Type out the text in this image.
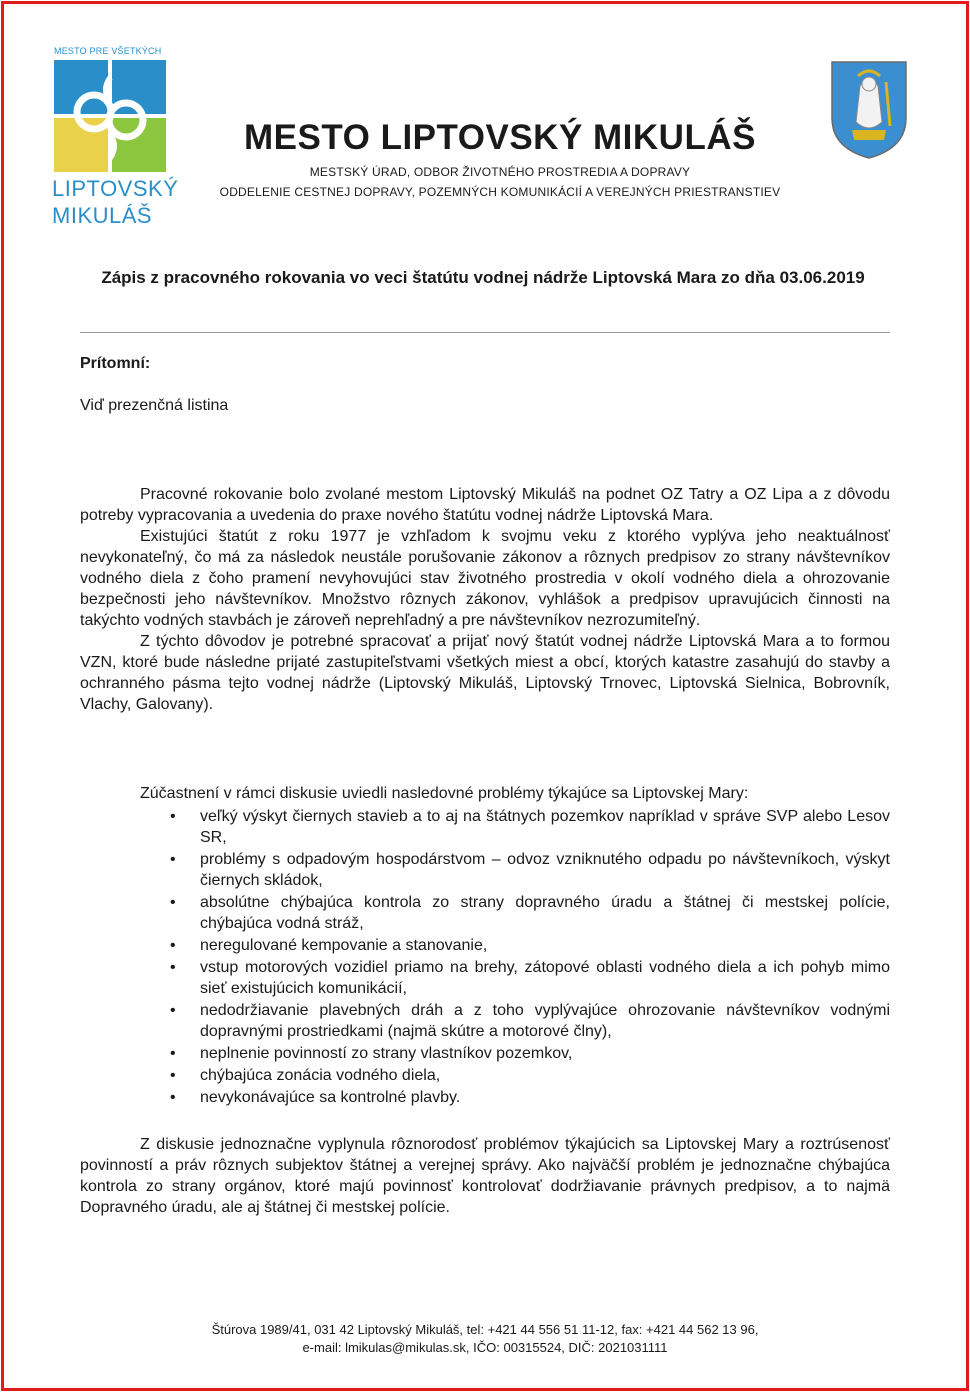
MESTO PRE VŠETKÝCH
LIPTOVSKÝ
MIKULÁŠ
MESTO LIPTOVSKÝ MIKULÁŠ
MESTSKÝ ÚRAD, ODBOR ŽIVOTNÉHO PROSTREDIA A DOPRAVY
ODDELENIE CESTNEJ DOPRAVY, POZEMNÝCH KOMUNIKÁCIÍ A VEREJNÝCH PRIESTRANSTIEV
Zápis z pracovného rokovania vo veci štatútu vodnej nádrže Liptovská Mara zo dňa 03.06.2019
Prítomní:
Viď prezenčná listina

Pracovné rokovanie bolo zvolané mestom Liptovský Mikuláš na podnet OZ Tatry a OZ Lipa a z dôvodu potreby vypracovania a uvedenia do praxe nového štatútu vodnej nádrže Liptovská Mara.

Existujúci štatút z roku 1977 je vzhľadom k svojmu veku z ktorého vyplýva jeho neaktuálnosť nevykonateľný, čo má za následok neustále porušovanie zákonov a rôznych predpisov zo strany návštevníkov vodného diela z čoho pramení nevyhovujúci stav životného prostredia v okolí vodného diela a ohrozovanie bezpečnosti jeho návštevníkov. Množstvo rôznych zákonov, vyhlášok a predpisov upravujúcich činnosti na takýchto vodných stavbách je zároveň neprehľadný a pre návštevníkov nezrozumiteľný.

Z týchto dôvodov je potrebné spracovať a prijať nový štatút vodnej nádrže Liptovská Mara a to formou VZN, ktoré bude následne prijaté zastupiteľstvami všetkých miest a obcí, ktorých katastre zasahujú do stavby a ochranného pásma tejto vodnej nádrže (Liptovský Mikuláš, Liptovský Trnovec, Liptovská Sielnica, Bobrovník, Vlachy, Galovany).

Zúčastnení v rámci diskusie uviedli nasledovné problémy týkajúce sa Liptovskej Mary:
• veľký výskyt čiernych stavieb a to aj na štátnych pozemkov napríklad v správe SVP alebo Lesov SR,
• problémy s odpadovým hospodárstvom – odvoz vzniknutého odpadu po návštevníkoch, výskyt čiernych skládok,
• absolútne chýbajúca kontrola zo strany dopravného úradu a štátnej či mestskej polície, chýbajúca vodná stráž,
• neregulované kempovanie a stanovanie,
• vstup motorových vozidiel priamo na brehy, zátopové oblasti vodného diela a ich pohyb mimo sieť existujúcich komunikácií,
• nedodržiavanie plavebných dráh a z toho vyplývajúce ohrozovanie návštevníkov vodnými dopravnými prostriedkami (najmä skútre a motorové člny),
• neplnenie povinností zo strany vlastníkov pozemkov,
• chýbajúca zonácia vodného diela,
• nevykonávajúce sa kontrolné plavby.

Z diskusie jednoznačne vyplynula rôznorodosť problémov týkajúcich sa Liptovskej Mary a roztrúsenosť povinností a práv rôznych subjektov štátnej a verejnej správy. Ako najväčší problém je jednoznačne chýbajúca kontrola zo strany orgánov, ktoré majú povinnosť kontrolovať dodržiavanie právnych predpisov, a to najmä Dopravného úradu, ale aj štátnej či mestskej polície.

Štúrova 1989/41, 031 42 Liptovský Mikuláš, tel: +421 44 556 51 11-12, fax: +421 44 562 13 96,
e-mail: lmikulas@mikulas.sk, IČO: 00315524, DIČ: 2021031111
